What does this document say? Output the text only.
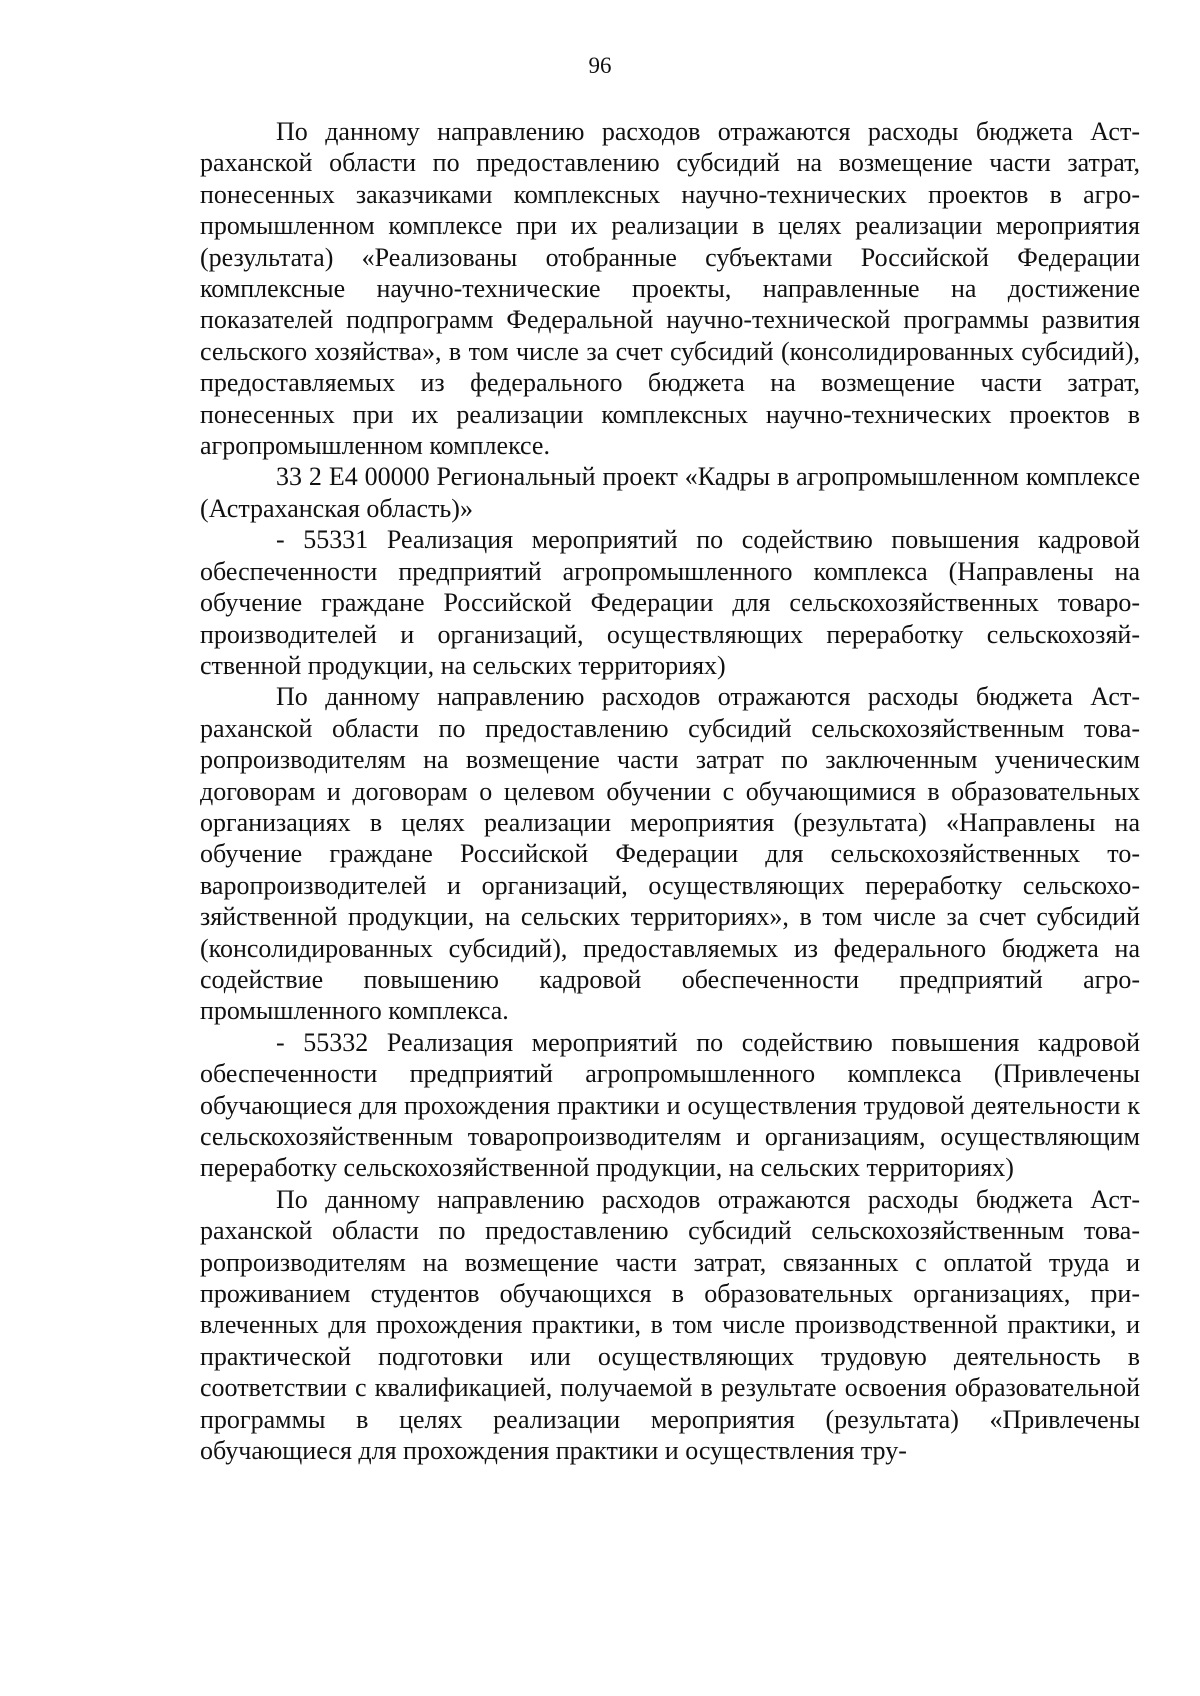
96

По данному направлению расходов отражаются расходы бюджета Астраханской области по предоставлению субсидий на возмещение части затрат, понесенных заказчиками комплексных научно-технических проектов в агропромышленном комплексе при их реализации в целях реализации мероприятия (результата) «Реализованы отобранные субъектами Российской Федерации комплексные научно-технические проекты, направленные на достижение показателей подпрограмм Федеральной научно-технической программы развития сельского хозяйства», в том числе за счет субсидий (консолидированных субсидий), предоставляемых из федерального бюджета на возмещение части затрат, понесенных при их реализации комплексных научно-технических проектов в агропромышленном комплексе.

33 2 Е4 00000 Региональный проект «Кадры в агропромышленном комплексе (Астраханская область)»

- 55331 Реализация мероприятий по содействию повышения кадровой обеспеченности предприятий агропромышленного комплекса (Направлены на обучение граждане Российской Федерации для сельскохозяйственных товаропроизводителей и организаций, осуществляющих переработку сельскохозяйственной продукции, на сельских территориях)

По данному направлению расходов отражаются расходы бюджета Астраханской области по предоставлению субсидий сельскохозяйственным товаропроизводителям на возмещение части затрат по заключенным ученическим договорам и договорам о целевом обучении с обучающимися в образовательных организациях в целях реализации мероприятия (результата) «Направлены на обучение граждане Российской Федерации для сельскохозяйственных товаропроизводителей и организаций, осуществляющих переработку сельскохозяйственной продукции, на сельских территориях», в том числе за счет субсидий (консолидированных субсидий), предоставляемых из федерального бюджета на содействие повышению кадровой обеспеченности предприятий агропромышленного комплекса.

- 55332 Реализация мероприятий по содействию повышения кадровой обеспеченности предприятий агропромышленного комплекса (Привлечены обучающиеся для прохождения практики и осуществления трудовой деятельности к сельскохозяйственным товаропроизводителям и организациям, осуществляющим переработку сельскохозяйственной продукции, на сельских территориях)

По данному направлению расходов отражаются расходы бюджета Астраханской области по предоставлению субсидий сельскохозяйственным товаропроизводителям на возмещение части затрат, связанных с оплатой труда и проживанием студентов обучающихся в образовательных организациях, привлеченных для прохождения практики, в том числе производственной практики, и практической подготовки или осуществляющих трудовую деятельность в соответствии с квалификацией, получаемой в результате освоения образовательной программы в целях реализации мероприятия (результата) «Привлечены обучающиеся для прохождения практики и осуществления тру-
